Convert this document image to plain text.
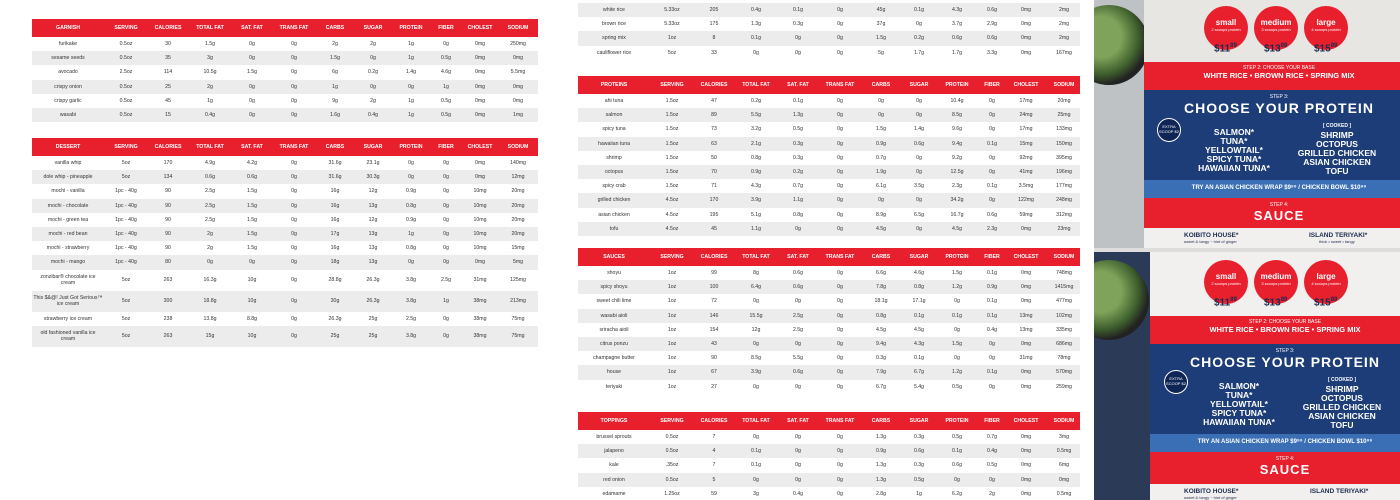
GARNISH	SERVING	CALORIES	TOTAL FAT	SAT. FAT	TRANS FAT	CARBS	SUGAR	PROTEIN	FIBER	CHOLEST	SODIUM
furikake	0.5oz	30	1.5g	0g	0g	2g	2g	1g	0g	0mg	250mg
sesame seeds	0.5oz	35	3g	0g	0g	1.5g	0g	1g	0.5g	0mg	0mg
avocado	2.5oz	114	10.5g	1.5g	0g	6g	0.2g	1.4g	4.6g	0mg	5.5mg
crispy onion	0.5oz	25	2g	0g	0g	1g	0g	0g	1g	0mg	0mg
crispy garlic	0.5oz	45	1g	0g	0g	9g	2g	1g	0.5g	0mg	0mg
wasabi	0.5oz	15	0.4g	0g	0g	1.6g	0.4g	1g	0.5g	0mg	1mg
DESSERT	SERVING	CALORIES	TOTAL FAT	SAT. FAT	TRANS FAT	CARBS	SUGAR	PROTEIN	FIBER	CHOLEST	SODIUM
vanilla whip	5oz	170	4.9g	4.2g	0g	31.6g	23.1g	0g	0g	0mg	140mg
dole whip - pineapple	5oz	134	0.6g	0.6g	0g	31.6g	30.3g	0g	0g	0mg	12mg
mochi - vanilla	1pc - 40g	90	2.5g	1.5g	0g	16g	12g	0.9g	0g	10mg	20mg
mochi - chocolate	1pc - 40g	90	2.5g	1.5g	0g	16g	13g	0.8g	0g	10mg	20mg
mochi - green tea	1pc - 40g	90	2.5g	1.5g	0g	16g	12g	0.9g	0g	10mg	20mg
mochi - red bean	1pc - 40g	90	2g	1.5g	0g	17g	13g	1g	0g	10mg	20mg
mochi - strawberry	1pc - 40g	90	2g	1.5g	0g	16g	13g	0.8g	0g	10mg	15mg
mochi - mango	1pc - 40g	80	0g	0g	0g	18g	13g	0g	0g	0mg	5mg
zonzibar® chocolate ice cream	5oz	263	16.3g	10g	0g	28.8g	26.3g	3.8g	2.5g	31mg	125mg
This $&@! Just Got Serious™ ice cream	5oz	300	18.8g	10g	0g	30g	26.3g	3.8g	1g	38mg	213mg
strawberry ice cream	5oz	238	13.8g	8.8g	0g	26.3g	25g	2.5g	0g	38mg	75mg
old fashioned vanilla ice cream	5oz	263	15g	10g	0g	25g	25g	3.8g	0g	38mg	75mg
white rice	5.33oz	205	0.4g	0.1g	0g	45g	0.1g	4.3g	0.6g	0mg	2mg
brown rice	5.33oz	175	1.3g	0.3g	0g	37g	0g	3.7g	2.9g	0mg	2mg
spring mix	1oz	8	0.1g	0g	0g	1.5g	0.2g	0.6g	0.6g	0mg	2mg
cauliflower rice	5oz	33	0g	0g	0g	5g	1.7g	1.7g	3.3g	0mg	167mg
PROTEINS	SERVING	CALORIES	TOTAL FAT	SAT. FAT	TRANS FAT	CARBS	SUGAR	PROTEIN	FIBER	CHOLEST	SODIUM
ahi tuna	1.5oz	47	0.2g	0.1g	0g	0g	0g	10.4g	0g	17mg	20mg
salmon	1.5oz	89	5.5g	1.3g	0g	0g	0g	8.5g	0g	24mg	25mg
spicy tuna	1.5oz	73	3.2g	0.5g	0g	1.5g	1.4g	9.6g	0g	17mg	133mg
hawaiian tuna	1.5oz	63	2.1g	0.3g	0g	0.9g	0.6g	9.4g	0.1g	15mg	150mg
shrimp	1.5oz	50	0.8g	0.3g	0g	0.7g	0g	9.2g	0g	92mg	395mg
octopus	1.5oz	70	0.9g	0.2g	0g	1.9g	0g	12.5g	0g	41mg	196mg
spicy crab	1.5oz	71	4.3g	0.7g	0g	6.1g	3.5g	2.3g	0.1g	3.5mg	177mg
grilled chicken	4.5oz	170	3.9g	1.1g	0g	0g	0g	34.2g	0g	122mg	248mg
asian chicken	4.5oz	195	5.1g	0.8g	0g	8.9g	6.5g	16.7g	0.6g	59mg	312mg
tofu	4.5oz	45	1.1g	0g	0g	4.5g	0g	4.5g	2.3g	0mg	23mg
SAUCES	SERVING	CALORIES	TOTAL FAT	SAT. FAT	TRANS FAT	CARBS	SUGAR	PROTEIN	FIBER	CHOLEST	SODIUM
shoyu	1oz	99	8g	0.6g	0g	6.6g	4.6g	1.5g	0.1g	0mg	748mg
spicy shoyu	1oz	100	6.4g	0.6g	0g	7.8g	0.8g	1.2g	0.9g	0mg	1415mg
sweet chili lime	1oz	72	0g	0g	0g	18.1g	17.1g	0g	0.1g	0mg	477mg
wasabi aioli	1oz	146	15.5g	2.5g	0g	0.8g	0.1g	0.1g	0.1g	13mg	102mg
sriracha aioli	1oz	154	12g	2.5g	0g	4.5g	4.5g	0g	0.4g	13mg	335mg
citrus ponzu	1oz	43	0g	0g	0g	9.4g	4.3g	1.5g	0g	0mg	686mg
champagne butter	1oz	90	8.5g	5.5g	0g	0.3g	0.1g	0g	0g	31mg	78mg
house	1oz	67	3.9g	0.6g	0g	7.9g	6.7g	1.2g	0.1g	0mg	570mg
teriyaki	1oz	27	0g	0g	0g	6.7g	5.4g	0.5g	0g	0mg	259mg
TOPPINGS	SERVING	CALORIES	TOTAL FAT	SAT. FAT	TRANS FAT	CARBS	SUGAR	PROTEIN	FIBER	CHOLEST	SODIUM
brussel sprouts	0.5oz	7	0g	0g	0g	1.3g	0.3g	0.5g	0.7g	0mg	3mg
jalapeno	0.5oz	4	0.1g	0g	0g	0.9g	0.6g	0.1g	0.4g	0mg	0.5mg
kale	.35oz	7	0.1g	0g	0g	1.3g	0.3g	0.6g	0.5g	0mg	6mg
red onion	0.5oz	5	0g	0g	0g	1.3g	0.5g	0g	0g	0mg	0mg
edamame	1.25oz	59	3g	0.4g	0g	2.8g	1g	6.2g	2g	0mg	0.5mg
small
2 scoops protein
medium
3 scoops protein
large
4 scoops protein
$\$11^{89}$	$\$13^{89}$	$\$15^{89}$
STEP 2: CHOOSE YOUR BASE
WHITE RICE • BROWN RICE • SPRING MIX
STEP 3:
CHOOSE YOUR PROTEIN
EXTRA SCOOP $2	SALMON*
TUNA*
YELLOWTAIL*
SPICY TUNA*
HAWAIIAN TUNA*
[ COOKED ]
SHRIMP
OCTOPUS
GRILLED CHICKEN
ASIAN CHICKEN
TOFU
TRY AN ASIAN CHICKEN WRAP $9⁹⁹ / CHICKEN BOWL $10⁹⁹
STEP 4:
SAUCE
KOIBITO HOUSE*	ISLAND TERIYAKI*
sweet & tangy ~ hint of ginger	thick • sweet • tangy
small
2 scoops protein
medium
3 scoops protein
large
4 scoops protein
$\$11^{89}$	$\$13^{89}$	$\$15^{89}$
STEP 2: CHOOSE YOUR BASE
WHITE RICE • BROWN RICE • SPRING MIX
STEP 3:
CHOOSE YOUR PROTEIN
EXTRA SCOOP $2	SALMON*
TUNA*
YELLOWTAIL*
SPICY TUNA*
HAWAIIAN TUNA*
[ COOKED ]
SHRIMP
OCTOPUS
GRILLED CHICKEN
ASIAN CHICKEN
TOFU
TRY AN ASIAN CHICKEN WRAP $9⁹⁹ / CHICKEN BOWL $10⁹⁹
STEP 4:
SAUCE
KOIBITO HOUSE*	ISLAND TERIYAKI*
sweet & tangy ~ hint of ginger
